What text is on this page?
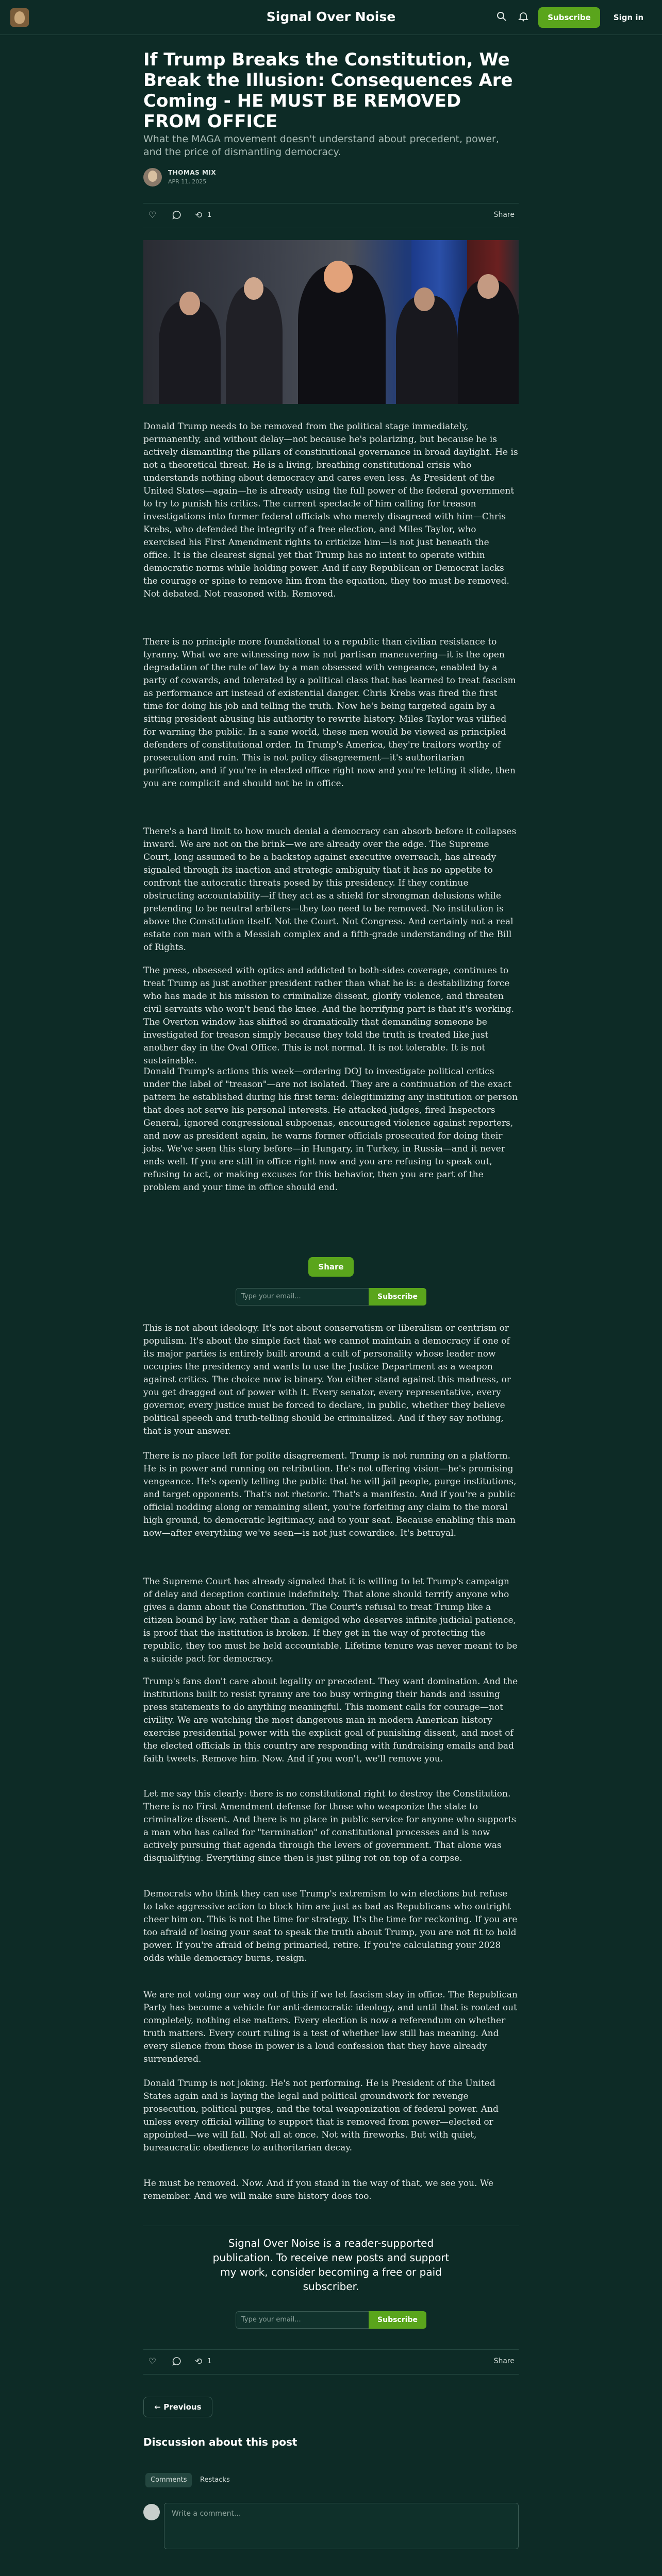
Signal Over Noise	Subscribe	Sign in
If Trump Breaks the Constitution, We Break the Illusion: Consequences Are Coming - HE MUST BE REMOVED FROM OFFICE
What the MAGA movement doesn't understand about precedent, power, and the price of dismantling democracy.
THOMAS MIX
APR 11, 2025
♡	⟲ 1	Share

Donald Trump needs to be removed from the political stage immediately, permanently, and without delay—not because he's polarizing, but because he is actively dismantling the pillars of constitutional governance in broad daylight. He is not a theoretical threat. He is a living, breathing constitutional crisis who understands nothing about democracy and cares even less. As President of the United States—again—he is already using the full power of the federal government to try to punish his critics. The current spectacle of him calling for treason investigations into former federal officials who merely disagreed with him—Chris Krebs, who defended the integrity of a free election, and Miles Taylor, who exercised his First Amendment rights to criticize him—is not just beneath the office. It is the clearest signal yet that Trump has no intent to operate within democratic norms while holding power. And if any Republican or Democrat lacks the courage or spine to remove him from the equation, they too must be removed. Not debated. Not reasoned with. Removed.

There is no principle more foundational to a republic than civilian resistance to tyranny. What we are witnessing now is not partisan maneuvering—it is the open degradation of the rule of law by a man obsessed with vengeance, enabled by a party of cowards, and tolerated by a political class that has learned to treat fascism as performance art instead of existential danger. Chris Krebs was fired the first time for doing his job and telling the truth. Now he's being targeted again by a sitting president abusing his authority to rewrite history. Miles Taylor was vilified for warning the public. In a sane world, these men would be viewed as principled defenders of constitutional order. In Trump's America, they're traitors worthy of prosecution and ruin. This is not policy disagreement—it's authoritarian purification, and if you're in elected office right now and you're letting it slide, then you are complicit and should not be in office.

There's a hard limit to how much denial a democracy can absorb before it collapses inward. We are not on the brink—we are already over the edge. The Supreme Court, long assumed to be a backstop against executive overreach, has already signaled through its inaction and strategic ambiguity that it has no appetite to confront the autocratic threats posed by this presidency. If they continue obstructing accountability—if they act as a shield for strongman delusions while pretending to be neutral arbiters—they too need to be removed. No institution is above the Constitution itself. Not the Court. Not Congress. And certainly not a real estate con man with a Messiah complex and a fifth-grade understanding of the Bill of Rights.

The press, obsessed with optics and addicted to both-sides coverage, continues to treat Trump as just another president rather than what he is: a destabilizing force who has made it his mission to criminalize dissent, glorify violence, and threaten civil servants who won't bend the knee. And the horrifying part is that it's working. The Overton window has shifted so dramatically that demanding someone be investigated for treason simply because they told the truth is treated like just another day in the Oval Office. This is not normal. It is not tolerable. It is not sustainable.

Donald Trump's actions this week—ordering DOJ to investigate political critics under the label of "treason"—are not isolated. They are a continuation of the exact pattern he established during his first term: delegitimizing any institution or person that does not serve his personal interests. He attacked judges, fired Inspectors General, ignored congressional subpoenas, encouraged violence against reporters, and now as president again, he warns former officials prosecuted for doing their jobs. We've seen this story before—in Hungary, in Turkey, in Russia—and it never ends well. If you are still in office right now and you are refusing to speak out, refusing to act, or making excuses for this behavior, then you are part of the problem and your time in office should end.

Share
Type your email...	Subscribe

This is not about ideology. It's not about conservatism or liberalism or centrism or populism. It's about the simple fact that we cannot maintain a democracy if one of its major parties is entirely built around a cult of personality whose leader now occupies the presidency and wants to use the Justice Department as a weapon against critics. The choice now is binary. You either stand against this madness, or you get dragged out of power with it. Every senator, every representative, every governor, every justice must be forced to declare, in public, whether they believe political speech and truth-telling should be criminalized. And if they say nothing, that is your answer.

There is no place left for polite disagreement. Trump is not running on a platform. He is in power and running on retribution. He's not offering vision—he's promising vengeance. He's openly telling the public that he will jail people, purge institutions, and target opponents. That's not rhetoric. That's a manifesto. And if you're a public official nodding along or remaining silent, you're forfeiting any claim to the moral high ground, to democratic legitimacy, and to your seat. Because enabling this man now—after everything we've seen—is not just cowardice. It's betrayal.

The Supreme Court has already signaled that it is willing to let Trump's campaign of delay and deception continue indefinitely. That alone should terrify anyone who gives a damn about the Constitution. The Court's refusal to treat Trump like a citizen bound by law, rather than a demigod who deserves infinite judicial patience, is proof that the institution is broken. If they get in the way of protecting the republic, they too must be held accountable. Lifetime tenure was never meant to be a suicide pact for democracy.

Trump's fans don't care about legality or precedent. They want domination. And the institutions built to resist tyranny are too busy wringing their hands and issuing press statements to do anything meaningful. This moment calls for courage—not civility. We are watching the most dangerous man in modern American history exercise presidential power with the explicit goal of punishing dissent, and most of the elected officials in this country are responding with fundraising emails and bad faith tweets. Remove him. Now. And if you won't, we'll remove you.

Let me say this clearly: there is no constitutional right to destroy the Constitution. There is no First Amendment defense for those who weaponize the state to criminalize dissent. And there is no place in public service for anyone who supports a man who has called for "termination" of constitutional processes and is now actively pursuing that agenda through the levers of government. That alone was disqualifying. Everything since then is just piling rot on top of a corpse.

Democrats who think they can use Trump's extremism to win elections but refuse to take aggressive action to block him are just as bad as Republicans who outright cheer him on. This is not the time for strategy. It's the time for reckoning. If you are too afraid of losing your seat to speak the truth about Trump, you are not fit to hold power. If you're afraid of being primaried, retire. If you're calculating your 2028 odds while democracy burns, resign.

We are not voting our way out of this if we let fascism stay in office. The Republican Party has become a vehicle for anti-democratic ideology, and until that is rooted out completely, nothing else matters. Every election is now a referendum on whether truth matters. Every court ruling is a test of whether law still has meaning. And every silence from those in power is a loud confession that they have already surrendered.

Donald Trump is not joking. He's not performing. He is President of the United States again and is laying the legal and political groundwork for revenge prosecution, political purges, and the total weaponization of federal power. And unless every official willing to support that is removed from power—elected or appointed—we will fall. Not all at once. Not with fireworks. But with quiet, bureaucratic obedience to authoritarian decay.

He must be removed. Now. And if you stand in the way of that, we see you. We remember. And we will make sure history does too.

Signal Over Noise is a reader-supported publication. To receive new posts and support my work, consider becoming a free or paid subscriber.
Type your email...	Subscribe
♡	⟲ 1	Share
← Previous
Discussion about this post
Comments	Restacks
Write a comment...
